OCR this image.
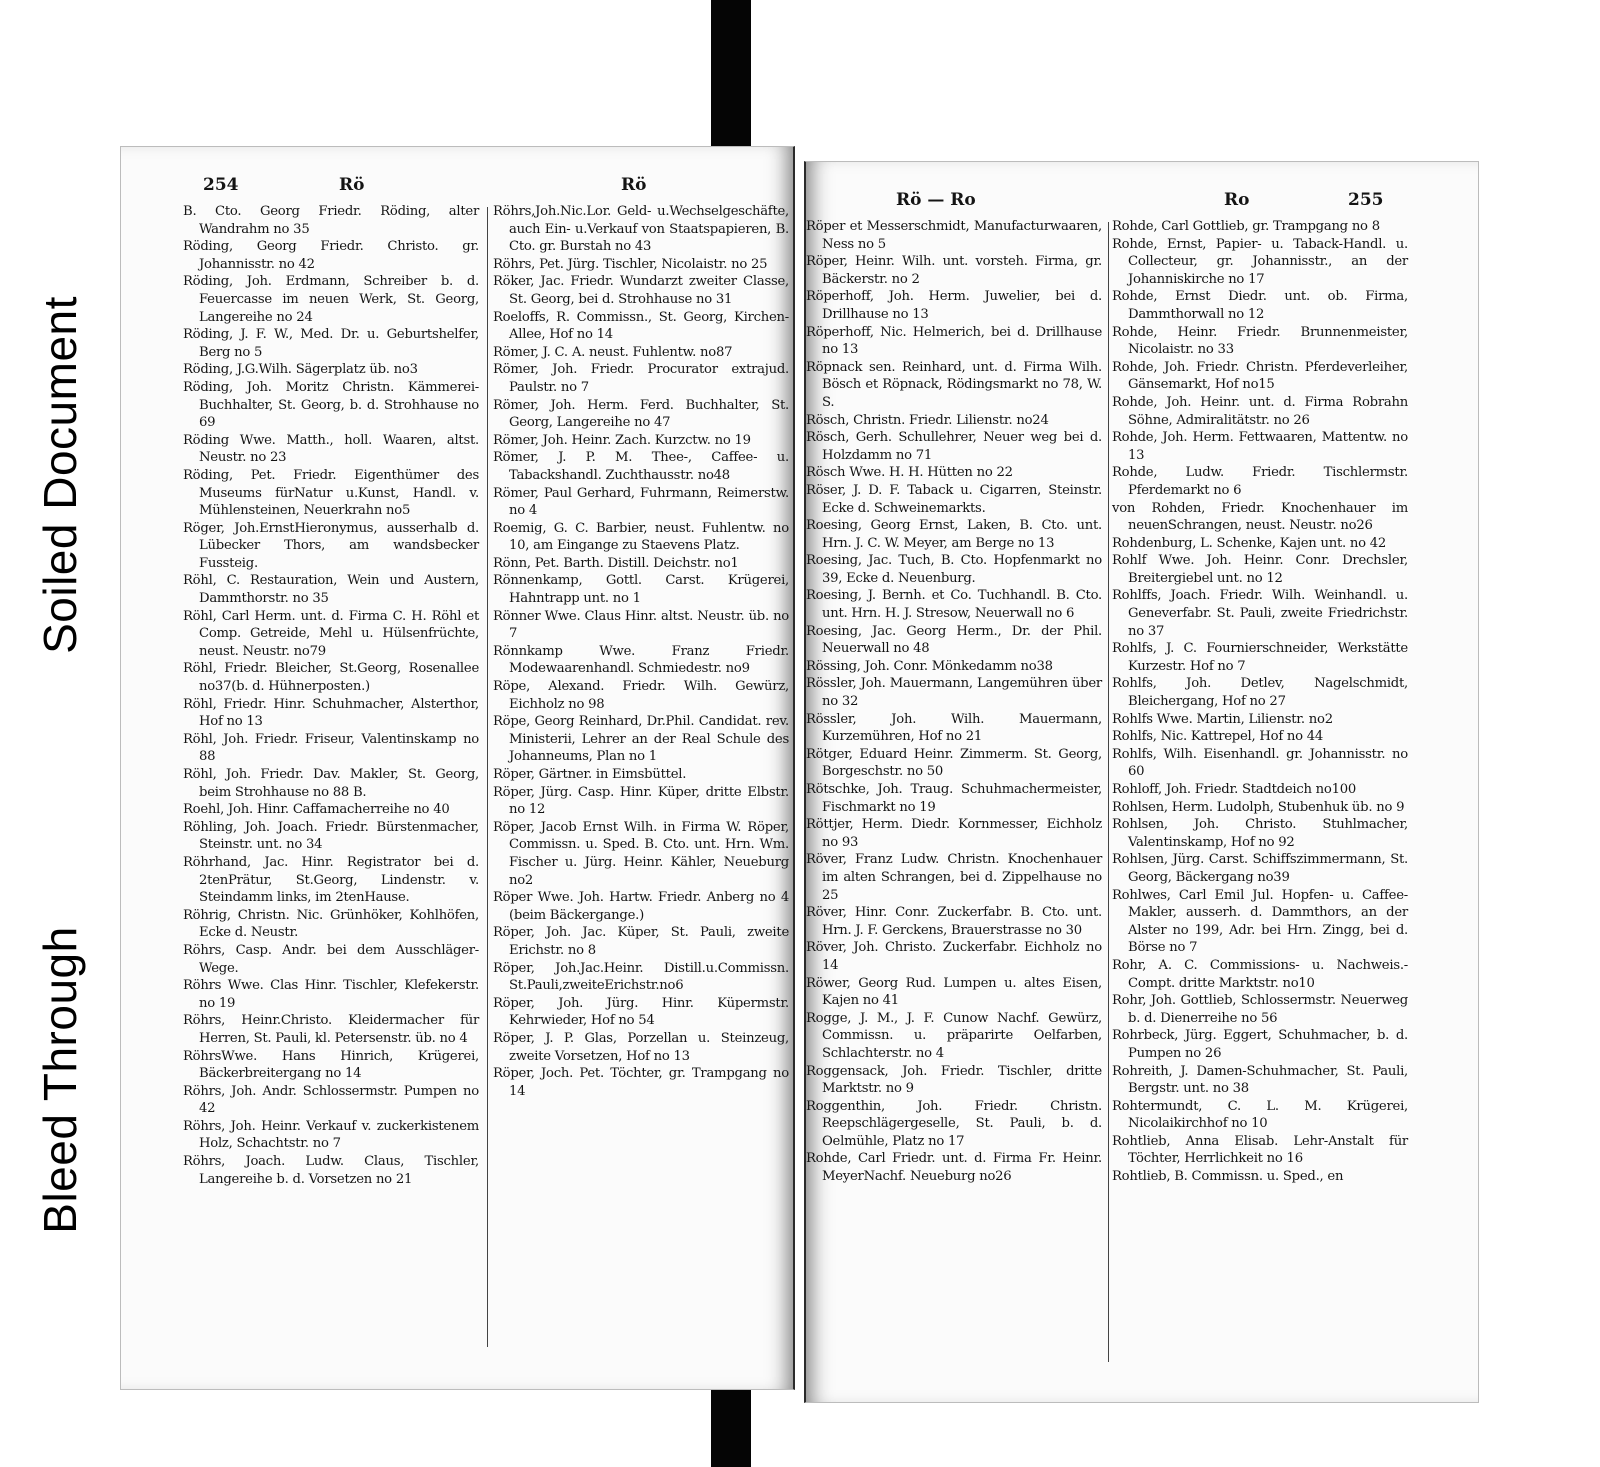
Bleed Through
Soiled Document
254	Rö	Rö

B. Cto. Georg Friedr. Röding, alter Wandrahm no 35

Röding, Georg Friedr. Christo. gr. Johannisstr. no 42

Röding, Joh. Erdmann, Schreiber b. d. Feuercasse im neuen Werk, St. Georg, Langereihe no 24

Röding, J. F. W., Med. Dr. u. Geburtshelfer, Berg no 5

Röding, J.G.Wilh. Sägerplatz üb. no3

Röding, Joh. Moritz Christn. Kämmerei-Buchhalter, St. Georg, b. d. Strohhause no 69

Röding Wwe. Matth., holl. Waaren, altst. Neustr. no 23

Röding, Pet. Friedr. Eigenthümer des Museums fürNatur u.Kunst, Handl. v. Mühlensteinen, Neuerkrahn no5

Röger, Joh.ErnstHieronymus, ausserhalb d. Lübecker Thors, am wandsbecker Fussteig.

Röhl, C. Restauration, Wein und Austern, Dammthorstr. no 35

Röhl, Carl Herm. unt. d. Firma C. H. Röhl et Comp. Getreide, Mehl u. Hülsenfrüchte, neust. Neustr. no79

Röhl, Friedr. Bleicher, St.Georg, Rosenallee no37(b. d. Hühnerposten.)

Röhl, Friedr. Hinr. Schuhmacher, Alsterthor, Hof no 13

Röhl, Joh. Friedr. Friseur, Valentinskamp no 88

Röhl, Joh. Friedr. Dav. Makler, St. Georg, beim Strohhause no 88 B.

Roehl, Joh. Hinr. Caffamacherreihe no 40

Röhling, Joh. Joach. Friedr. Bürstenmacher, Steinstr. unt. no 34

Röhrhand, Jac. Hinr. Registrator bei d. 2tenPrätur, St.Georg, Lindenstr. v. Steindamm links, im 2tenHause.

Röhrig, Christn. Nic. Grünhöker, Kohlhöfen, Ecke d. Neustr.

Röhrs, Casp. Andr. bei dem Ausschläger-Wege.

Röhrs Wwe. Clas Hinr. Tischler, Klefekerstr. no 19

Röhrs, Heinr.Christo. Kleidermacher für Herren, St. Pauli, kl. Petersenstr. üb. no 4

RöhrsWwe. Hans Hinrich, Krügerei, Bäckerbreitergang no 14

Röhrs, Joh. Andr. Schlossermstr. Pumpen no 42

Röhrs, Joh. Heinr. Verkauf v. zuckerkistenem Holz, Schachtstr. no 7

Röhrs, Joach. Ludw. Claus, Tischler, Langereihe b. d. Vorsetzen no 21

Röhrs,Joh.Nic.Lor. Geld- u.Wechselgeschäfte, auch Ein- u.Verkauf von Staatspapieren, B. Cto. gr. Burstah no 43

Röhrs, Pet. Jürg. Tischler, Nicolaistr. no 25

Röker, Jac. Friedr. Wundarzt zweiter Classe, St. Georg, bei d. Strohhause no 31

Roeloffs, R. Commissn., St. Georg, Kirchen-Allee, Hof no 14

Römer, J. C. A. neust. Fuhlentw. no87

Römer, Joh. Friedr. Procurator extrajud. Paulstr. no 7

Römer, Joh. Herm. Ferd. Buchhalter, St. Georg, Langereihe no 47

Römer, Joh. Heinr. Zach. Kurzctw. no 19

Römer, J. P. M. Thee-, Caffee- u. Tabackshandl. Zuchthausstr. no48

Römer, Paul Gerhard, Fuhrmann, Reimerstw. no 4

Roemig, G. C. Barbier, neust. Fuhlentw. no 10, am Eingange zu Staevens Platz.

Rönn, Pet. Barth. Distill. Deichstr. no1

Rönnenkamp, Gottl. Carst. Krügerei, Hahntrapp unt. no 1

Rönner Wwe. Claus Hinr. altst. Neustr. üb. no 7

Rönnkamp Wwe. Franz Friedr. Modewaarenhandl. Schmiedestr. no9

Röpe, Alexand. Friedr. Wilh. Gewürz, Eichholz no 98

Röpe, Georg Reinhard, Dr.Phil. Candidat. rev. Ministerii, Lehrer an der Real Schule des Johanneums, Plan no 1

Röper, Gärtner. in Eimsbüttel.

Röper, Jürg. Casp. Hinr. Küper, dritte Elbstr. no 12

Röper, Jacob Ernst Wilh. in Firma W. Röper, Commissn. u. Sped. B. Cto. unt. Hrn. Wm. Fischer u. Jürg. Heinr. Kähler, Neueburg no2

Röper Wwe. Joh. Hartw. Friedr. Anberg no 4 (beim Bäckergange.)

Röper, Joh. Jac. Küper, St. Pauli, zweite Erichstr. no 8

Röper, Joh.Jac.Heinr. Distill.u.Commissn. St.Pauli,zweiteErichstr.no6

Röper, Joh. Jürg. Hinr. Küpermstr. Kehrwieder, Hof no 54

Röper, J. P. Glas, Porzellan u. Steinzeug, zweite Vorsetzen, Hof no 13

Röper, Joch. Pet. Töchter, gr. Trampgang no 14

Rö — Ro	Ro	255

Röper et Messerschmidt, Manufacturwaaren, Ness no 5

Röper, Heinr. Wilh. unt. vorsteh. Firma, gr. Bäckerstr. no 2

Röperhoff, Joh. Herm. Juwelier, bei d. Drillhause no 13

Röperhoff, Nic. Helmerich, bei d. Drillhause no 13

Röpnack sen. Reinhard, unt. d. Firma Wilh. Bösch et Röpnack, Rödingsmarkt no 78, W. S.

Rösch, Christn. Friedr. Lilienstr. no24

Rösch, Gerh. Schullehrer, Neuer weg bei d. Holzdamm no 71

Rösch Wwe. H. H. Hütten no 22

Röser, J. D. F. Taback u. Cigarren, Steinstr. Ecke d. Schweinemarkts.

Roesing, Georg Ernst, Laken, B. Cto. unt. Hrn. J. C. W. Meyer, am Berge no 13

Roesing, Jac. Tuch, B. Cto. Hopfenmarkt no 39, Ecke d. Neuenburg.

Roesing, J. Bernh. et Co. Tuchhandl. B. Cto. unt. Hrn. H. J. Stresow, Neuerwall no 6

Roesing, Jac. Georg Herm., Dr. der Phil. Neuerwall no 48

Rössing, Joh. Conr. Mönkedamm no38

Rössler, Joh. Mauermann, Langemühren über no 32

Rössler, Joh. Wilh. Mauermann, Kurzemühren, Hof no 21

Rötger, Eduard Heinr. Zimmerm. St. Georg, Borgeschstr. no 50

Rötschke, Joh. Traug. Schuhmachermeister, Fischmarkt no 19

Röttjer, Herm. Diedr. Kornmesser, Eichholz no 93

Röver, Franz Ludw. Christn. Knochenhauer im alten Schrangen, bei d. Zippelhause no 25

Röver, Hinr. Conr. Zuckerfabr. B. Cto. unt. Hrn. J. F. Gerckens, Brauerstrasse no 30

Röver, Joh. Christo. Zuckerfabr. Eichholz no 14

Röwer, Georg Rud. Lumpen u. altes Eisen, Kajen no 41

Rogge, J. M., J. F. Cunow Nachf. Gewürz, Commissn. u. präparirte Oelfarben, Schlachterstr. no 4

Roggensack, Joh. Friedr. Tischler, dritte Marktstr. no 9

Roggenthin, Joh. Friedr. Christn. Reepschlägergeselle, St. Pauli, b. d. Oelmühle, Platz no 17

Rohde, Carl Friedr. unt. d. Firma Fr. Heinr. MeyerNachf. Neueburg no26

Rohde, Carl Gottlieb, gr. Trampgang no 8

Rohde, Ernst, Papier- u. Taback-Handl. u. Collecteur, gr. Johannisstr., an der Johanniskirche no 17

Rohde, Ernst Diedr. unt. ob. Firma, Dammthorwall no 12

Rohde, Heinr. Friedr. Brunnenmeister, Nicolaistr. no 33

Rohde, Joh. Friedr. Christn. Pferdeverleiher, Gänsemarkt, Hof no15

Rohde, Joh. Heinr. unt. d. Firma Robrahn Söhne, Admiralitätstr. no 26

Rohde, Joh. Herm. Fettwaaren, Mattentw. no 13

Rohde, Ludw. Friedr. Tischlermstr. Pferdemarkt no 6

von Rohden, Friedr. Knochenhauer im neuenSchrangen, neust. Neustr. no26

Rohdenburg, L. Schenke, Kajen unt. no 42

Rohlf Wwe. Joh. Heinr. Conr. Drechsler, Breitergiebel unt. no 12

Rohlffs, Joach. Friedr. Wilh. Weinhandl. u. Geneverfabr. St. Pauli, zweite Friedrichstr. no 37

Rohlfs, J. C. Fournierschneider, Werkstätte Kurzestr. Hof no 7

Rohlfs, Joh. Detlev, Nagelschmidt, Bleichergang, Hof no 27

Rohlfs Wwe. Martin, Lilienstr. no2

Rohlfs, Nic. Kattrepel, Hof no 44

Rohlfs, Wilh. Eisenhandl. gr. Johannisstr. no 60

Rohloff, Joh. Friedr. Stadtdeich no100

Rohlsen, Herm. Ludolph, Stubenhuk üb. no 9

Rohlsen, Joh. Christo. Stuhlmacher, Valentinskamp, Hof no 92

Rohlsen, Jürg. Carst. Schiffszimmermann, St. Georg, Bäckergang no39

Rohlwes, Carl Emil Jul. Hopfen- u. Caffee-Makler, ausserh. d. Dammthors, an der Alster no 199, Adr. bei Hrn. Zingg, bei d. Börse no 7

Rohr, A. C. Commissions- u. Nachweis.-Compt. dritte Marktstr. no10

Rohr, Joh. Gottlieb, Schlossermstr. Neuerweg b. d. Dienerreihe no 56

Rohrbeck, Jürg. Eggert, Schuhmacher, b. d. Pumpen no 26

Rohreith, J. Damen-Schuhmacher, St. Pauli, Bergstr. unt. no 38

Rohtermundt, C. L. M. Krügerei, Nicolaikirchhof no 10

Rohtlieb, Anna Elisab. Lehr-Anstalt für Töchter, Herrlichkeit no 16

Rohtlieb, B. Commissn. u. Sped., en
